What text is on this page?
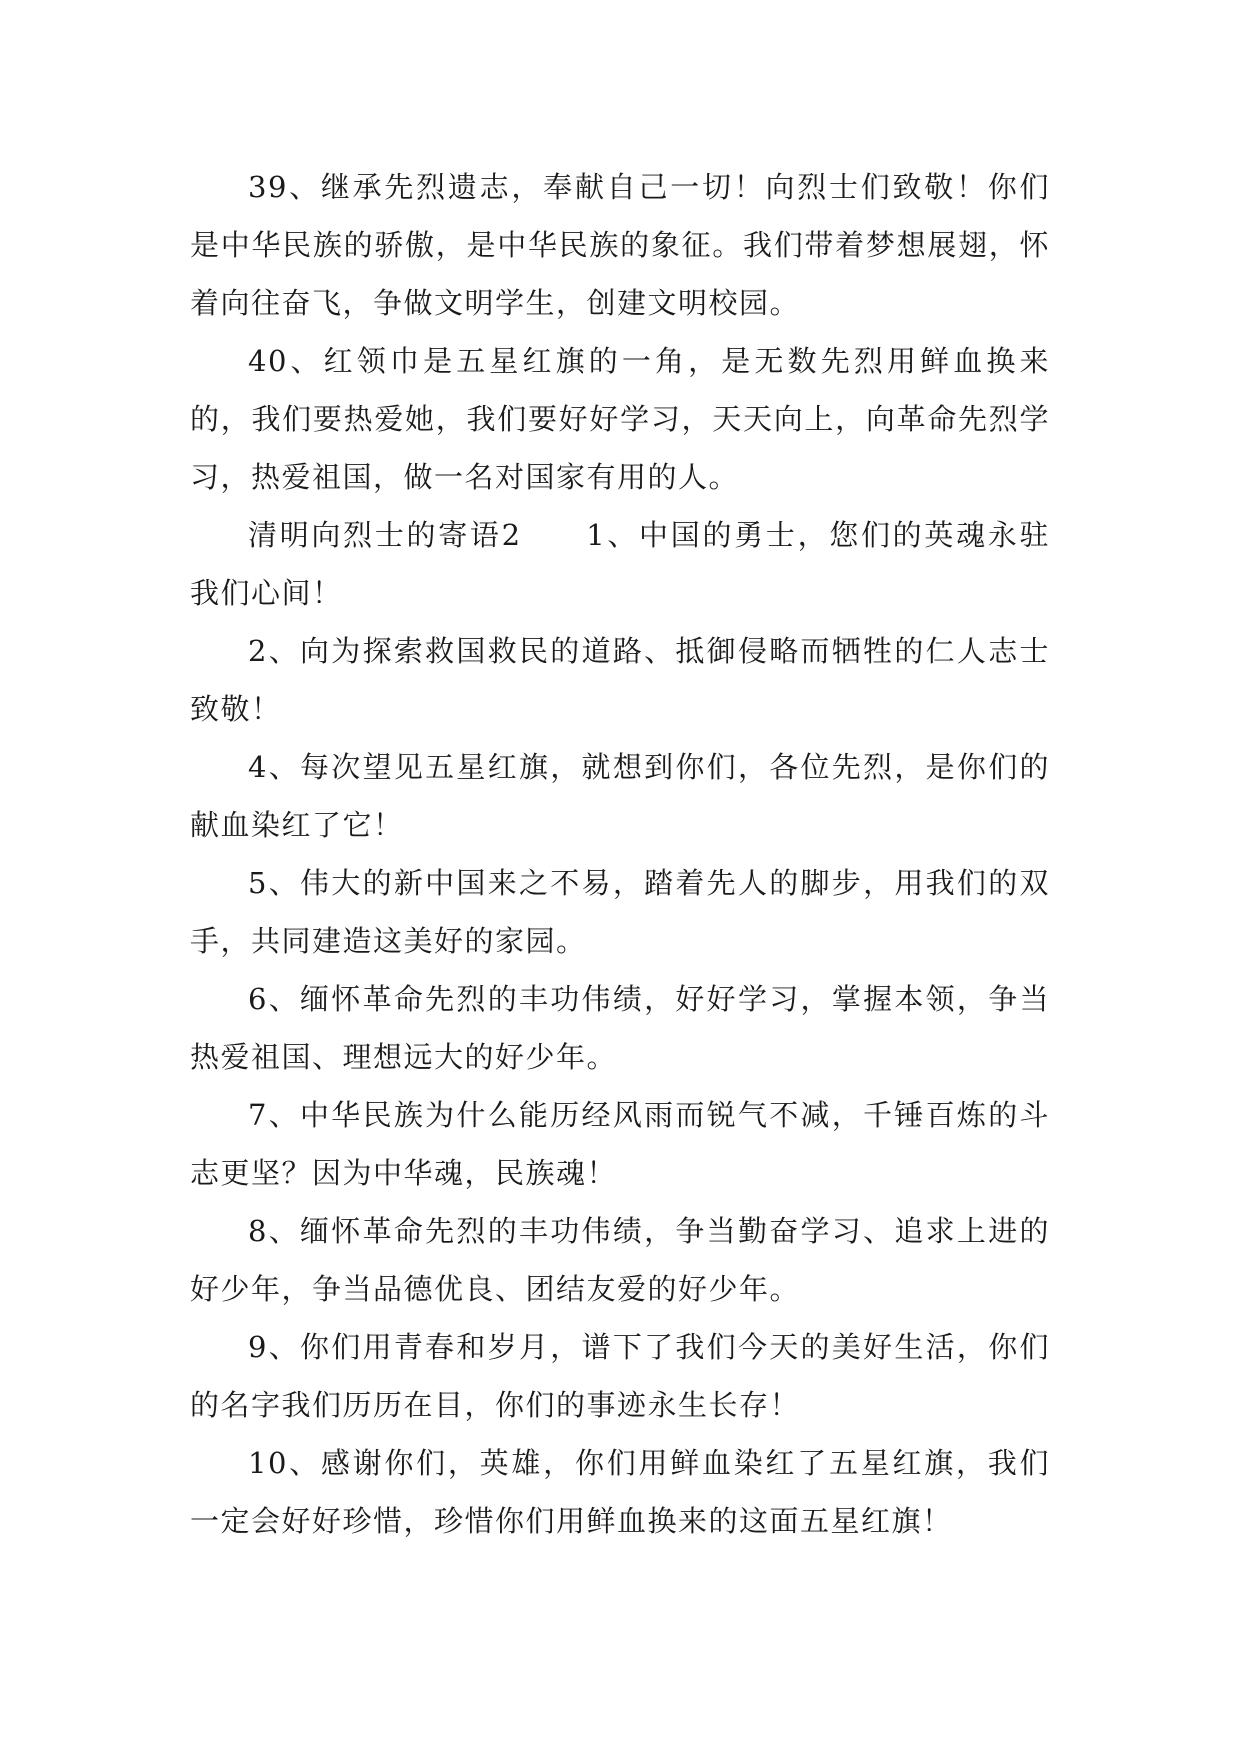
39、继承先烈遗志，奉献自己一切！向烈士们致敬！你们是中华民族的骄傲，是中华民族的象征。我们带着梦想展翅，怀着向往奋飞，争做文明学生，创建文明校园。

40、红领巾是五星红旗的一角，是无数先烈用鲜血换来的，我们要热爱她，我们要好好学习，天天向上，向革命先烈学习，热爱祖国，做一名对国家有用的人。

清明向烈士的寄语2　　1、中国的勇士，您们的英魂永驻我们心间！

2、向为探索救国救民的道路、抵御侵略而牺牲的仁人志士致敬！

4、每次望见五星红旗，就想到你们，各位先烈，是你们的献血染红了它！

5、伟大的新中国来之不易，踏着先人的脚步，用我们的双手，共同建造这美好的家园。

6、缅怀革命先烈的丰功伟绩，好好学习，掌握本领，争当热爱祖国、理想远大的好少年。

7、中华民族为什么能历经风雨而锐气不减，千锤百炼的斗志更坚？因为中华魂，民族魂！

8、缅怀革命先烈的丰功伟绩，争当勤奋学习、追求上进的好少年，争当品德优良、团结友爱的好少年。

9、你们用青春和岁月，谱下了我们今天的美好生活，你们的名字我们历历在目，你们的事迹永生长存！

10、感谢你们，英雄，你们用鲜血染红了五星红旗，我们一定会好好珍惜，珍惜你们用鲜血换来的这面五星红旗！
